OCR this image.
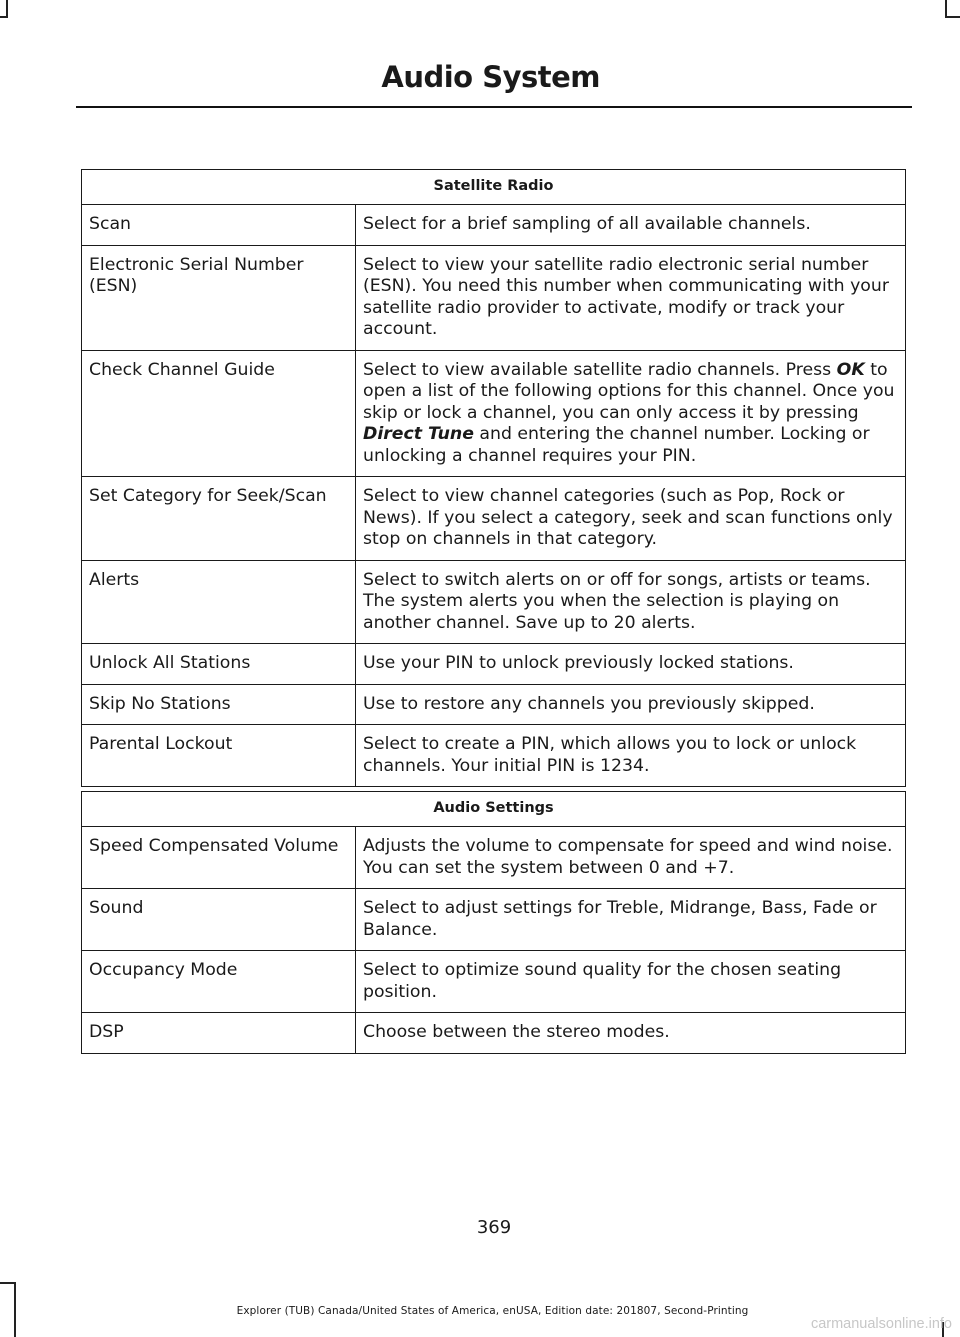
Audio System
Satellite Radio	
Scan	Select for a brief sampling of all available channels.
Electronic Serial Number (ESN)	Select to view your satellite radio electronic serial number (ESN). You need this number when communicating with your satellite radio provider to activate, modify or track your account.
Check Channel Guide	Select to view available satellite radio channels. Press OK to open a list of the following options for this channel. Once you skip or lock a channel, you can only access it by pressing Direct Tune and entering the channel number. Locking or unlocking a channel requires your PIN.
Set Category for Seek/Scan	Select to view channel categories (such as Pop, Rock or News). If you select a category, seek and scan functions only stop on channels in that category.
Alerts	Select to switch alerts on or off for songs, artists or teams. The system alerts you when the selection is playing on another channel. Save up to 20 alerts.
Unlock All Stations	Use your PIN to unlock previously locked stations.
Skip No Stations	Use to restore any channels you previously skipped.
Parental Lockout	Select to create a PIN, which allows you to lock or unlock channels. Your initial PIN is 1234.
Audio Settings	
Speed Compensated Volume	Adjusts the volume to compensate for speed and wind noise. You can set the system between 0 and +7.
Sound	Select to adjust settings for Treble, Midrange, Bass, Fade or Balance.
Occupancy Mode	Select to optimize sound quality for the chosen seating position.
DSP	Choose between the stereo modes.
369
Explorer (TUB) Canada/United States of America, enUSA, Edition date: 201807, Second-Printing
carmanualsonline.info
